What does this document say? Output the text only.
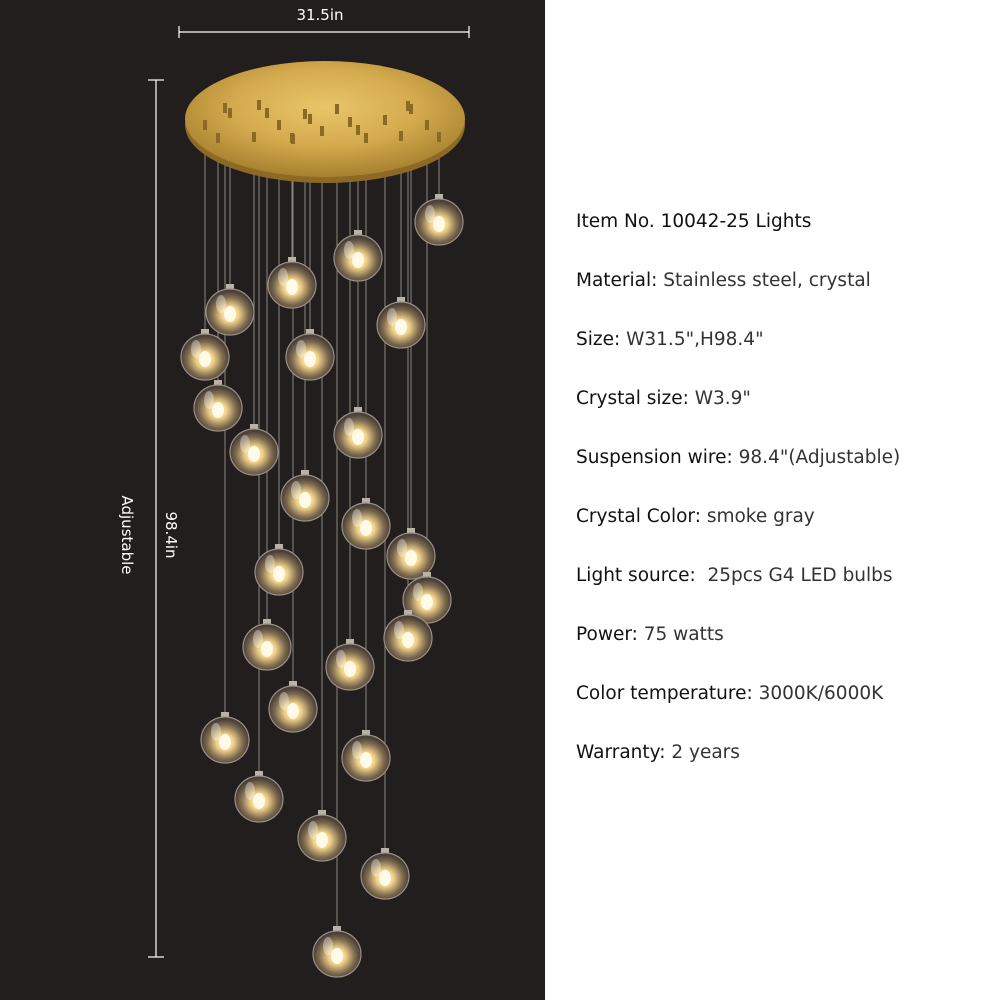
31.5in
98.4in
Adjustable
Item No. 10042-25 Lights
Material: Stainless steel, crystal
Size: W31.5",H98.4"
Crystal size: W3.9"
Suspension wire: 98.4"(Adjustable)
Crystal Color: smoke gray
Light source:  25pcs G4 LED bulbs
Power: 75 watts
Color temperature: 3000K/6000K
Warranty: 2 years
